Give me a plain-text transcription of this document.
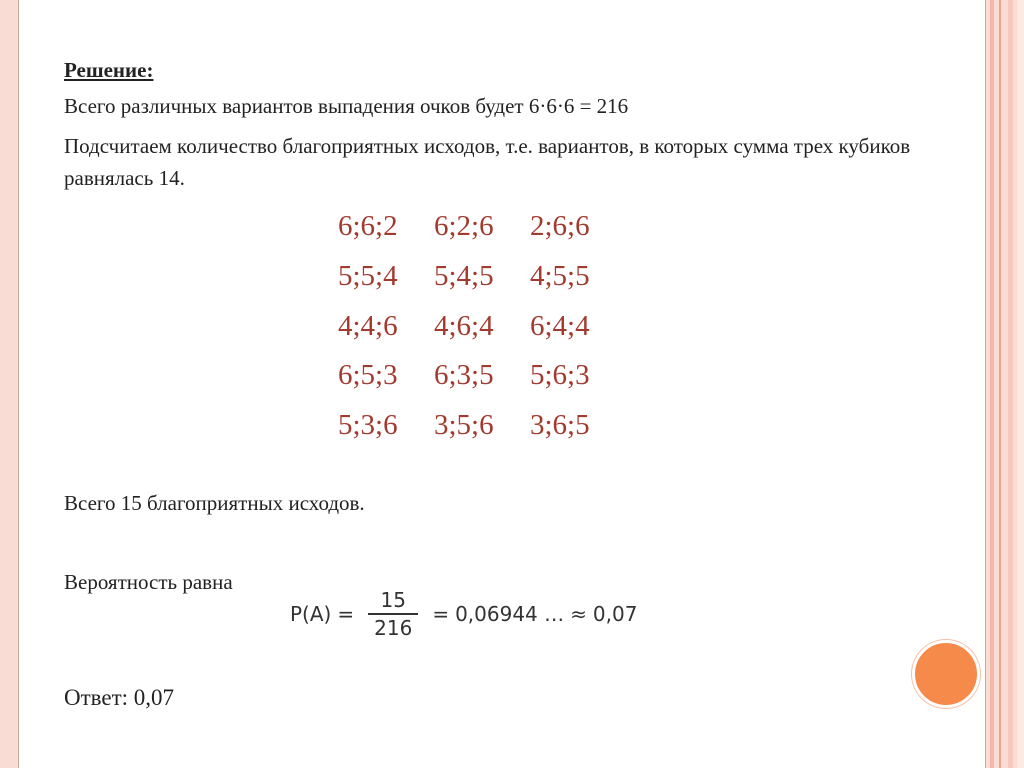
Решение:
Всего различных вариантов выпадения очков будет 6·6·6 = 216
Подсчитаем количество благоприятных исходов, т.е. вариантов, в которых сумма трех кубиков равнялась 14.
6;6;2	6;2;6	2;6;6
5;5;4	5;4;5	4;5;5
4;4;6	4;6;4	6;4;4
6;5;3	6;3;5	5;6;3
5;3;6	3;5;6	3;6;5
Всего 15 благоприятных исходов.
Вероятность равна
$P(A) = \frac{15}{216} = 0,06944$ … ≈ 0,07
Ответ: 0,07
